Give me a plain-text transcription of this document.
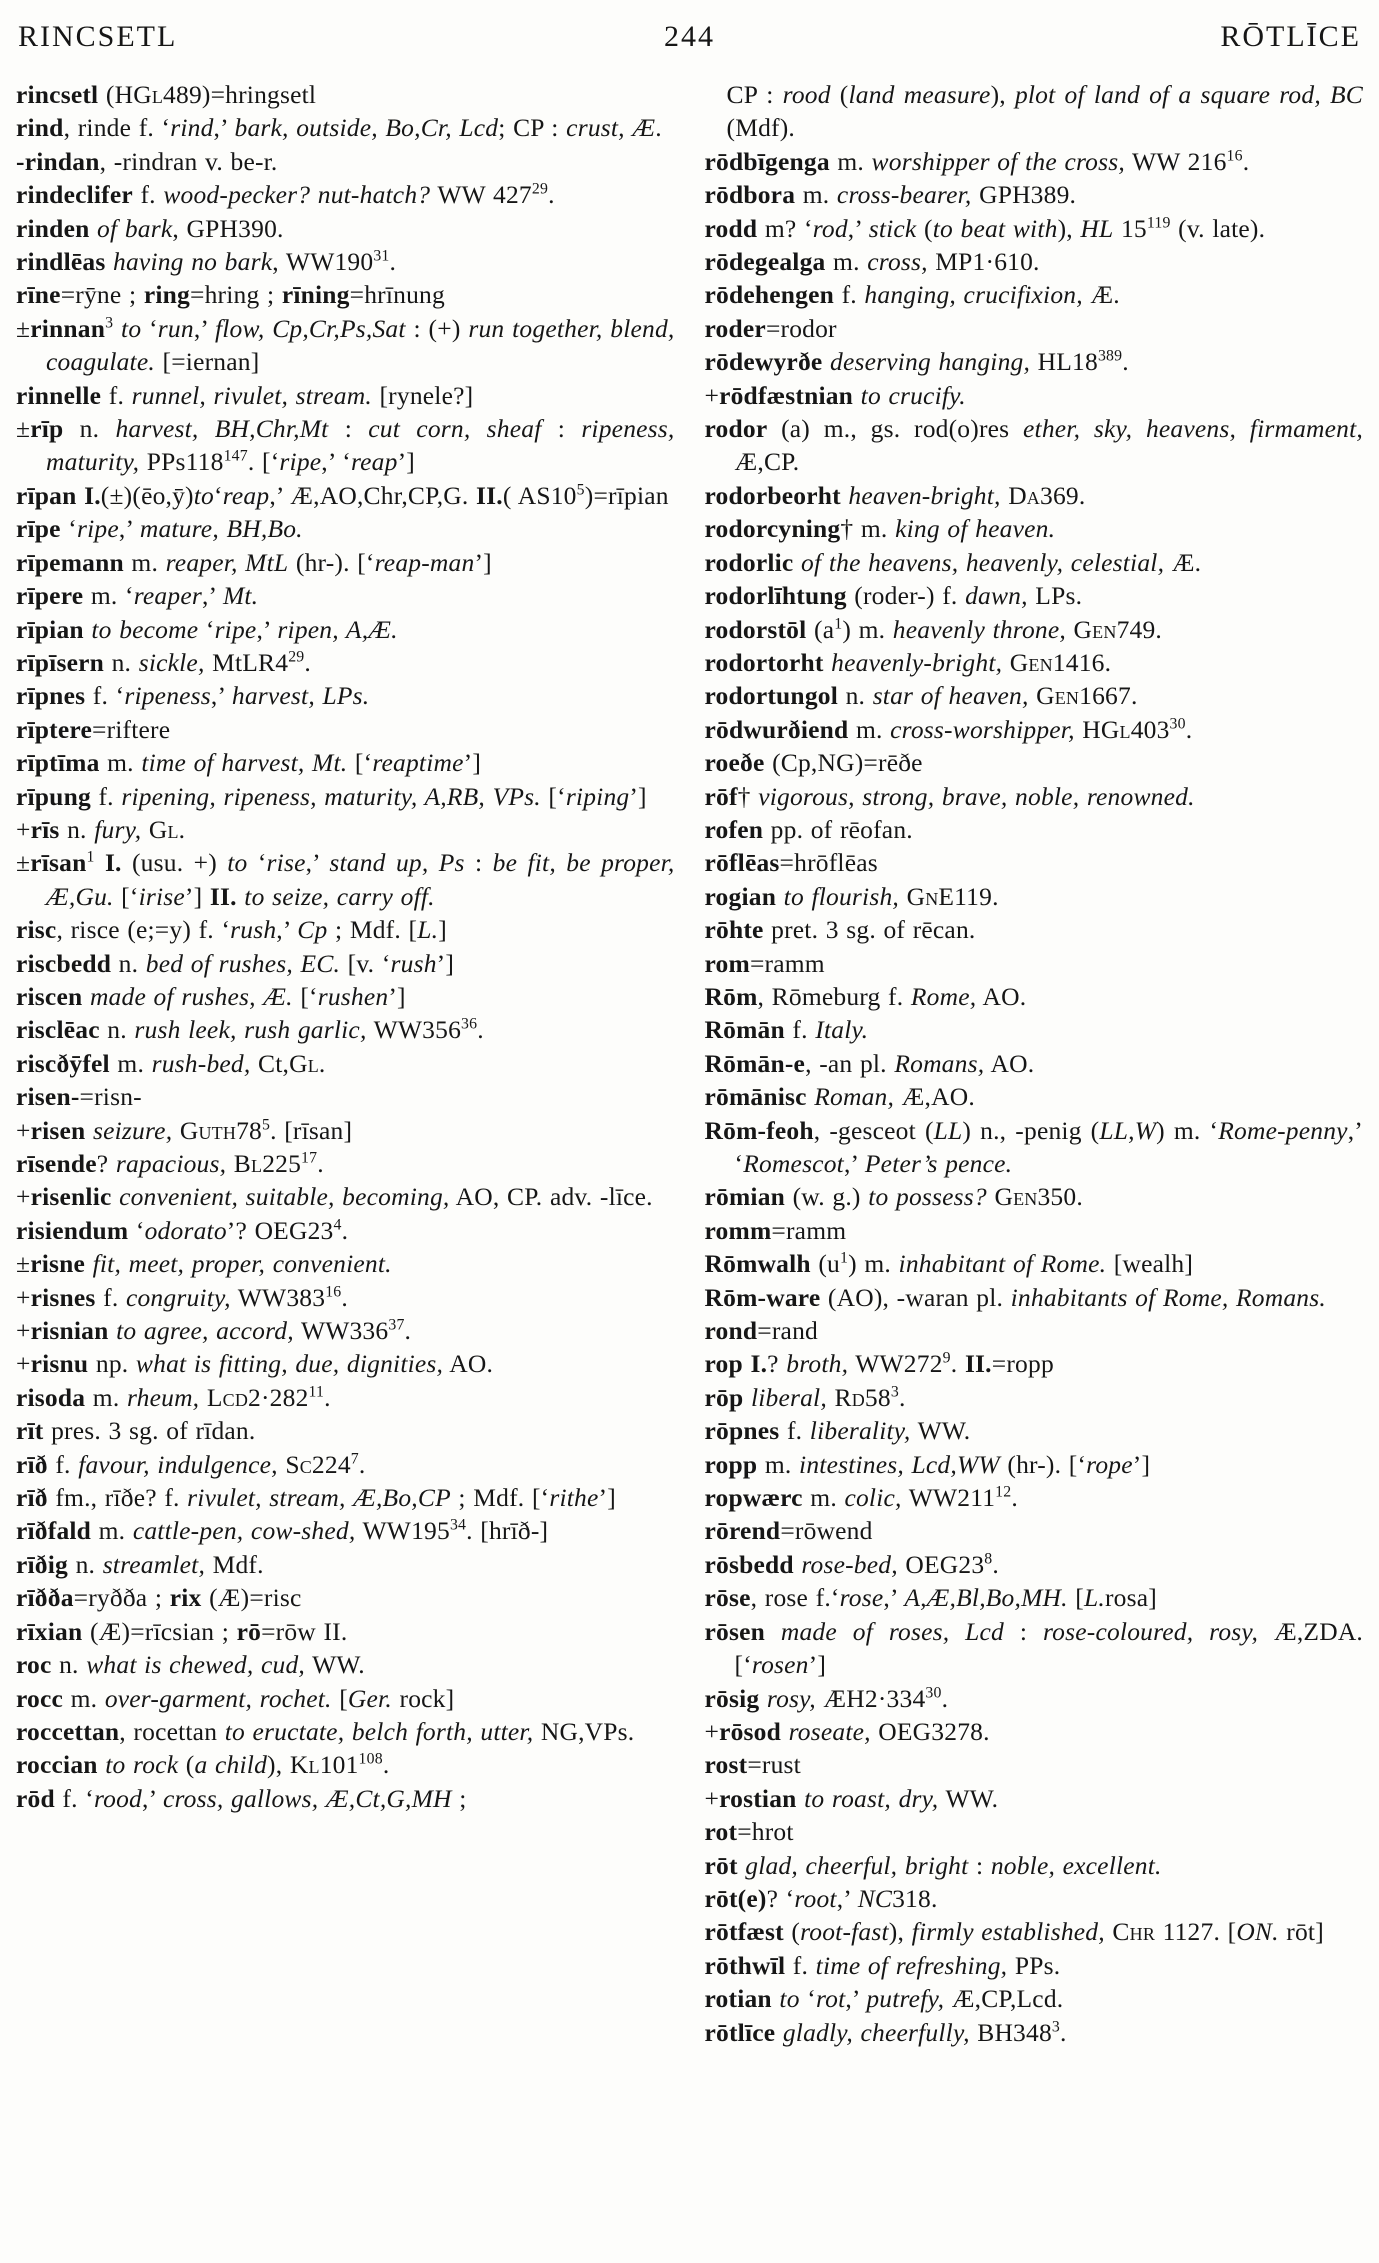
RINCSETL	244	RŌTLĪCE

rincsetl (HGl489)=hringsetl

rind, rinde f. ‘rind,’ bark, outside, Bo,Cr, Lcd; CP : crust, Æ.

-rindan, -rindran v. be-r.

rindeclifer f. wood-pecker? nut-hatch? WW $427^{29}$.

rinden of bark, GPH390.

rindlēas having no bark, $WW190^{31}$.

rīne=rȳne ; ring=hring ; rīning=hrīnung

±rinnan$^3$ to ‘run,’ flow, Cp,Cr,Ps,Sat : (+) run together, blend, coagulate. [=iernan]

rinnelle f. runnel, rivulet, stream. [rynele?]

±rīp n. harvest, BH,Chr,Mt : cut corn, sheaf : ripeness, maturity, $PPs118^{147}$. [‘ripe,’ ‘reap’]

rīpan I.(±)(ēo,ȳ)to‘reap,’ Æ,AO,Chr,CP,G. II.( $AS10^5)=rīpian$

rīpe ‘ripe,’ mature, BH,Bo.

rīpemann m. reaper, MtL (hr-). [‘reap-man’]

rīpere m. ‘reaper,’ Mt.

rīpian to become ‘ripe,’ ripen, A,Æ.

rīpīsern n. sickle, $MtLR4^{29}$.

rīpnes f. ‘ripeness,’ harvest, LPs.

rīptere=riftere

rīptīma m. time of harvest, Mt. [‘reaptime’]

rīpung f. ripening, ripeness, maturity, A,RB, VPs. [‘riping’]

+rīs n. fury, Gl.

±rīsan$^1$ I. (usu. +) to ‘rise,’ stand up, Ps : be fit, be proper, Æ,Gu. [‘irise’] II. to seize, carry off.

risc, risce (e;=y) f. ‘rush,’ Cp ; Mdf. [L.]

riscbedd n. bed of rushes, EC. [v. ‘rush’]

riscen made of rushes, Æ. [‘rushen’]

risclēac n. rush leek, rush garlic, $WW356^{36}$.

riscðȳfel m. rush-bed, Ct,Gl.

risen-=risn-

+risen seizure, $Guth78^5$. [rīsan]

rīsende? rapacious, $Bl225^{17}$.

+risenlic convenient, suitable, becoming, AO, CP. adv. -līce.

risiendum ‘odorato’? $OEG23^4$.

±risne fit, meet, proper, convenient.

+risnes f. congruity, $WW383^{16}$.

+risnian to agree, accord, $WW336^{37}$.

+risnu np. what is fitting, due, dignities, AO.

risoda m. rheum, $Lcd2\cdot 282^{11}$.

rīt pres. 3 sg. of rīdan.

rīð f. favour, indulgence, $Sc224^7$.

rīð fm., rīðe? f. rivulet, stream, Æ,Bo,CP ; Mdf. [‘rithe’]

rīðfald m. cattle-pen, cow-shed, $WW195^{34}$. [hrīð-]

rīðig n. streamlet, Mdf.

rīðða=ryðða ; rix (Æ)=risc

rīxian (Æ)=rīcsian ; rō=rōw II.

roc n. what is chewed, cud, WW.

rocc m. over-garment, rochet. [Ger. rock]

roccettan, rocettan to eructate, belch forth, utter, NG,VPs.

roccian to rock (a child), $Kl101^{108}$.

rōd f. ‘rood,’ cross, gallows, Æ,Ct,G,MH ;

CP : rood (land measure), plot of land of a square rod, BC (Mdf).

rōdbīgenga m. worshipper of the cross, WW $216^{16}$.

rōdbora m. cross-bearer, GPH389.

rodd m? ‘rod,’ stick (to beat with), HL $15^{119}$ (v. late).

rōdegealga m. cross, MP1·610.

rōdehengen f. hanging, crucifixion, Æ.

roder=rodor

rōdewyrðe deserving hanging, $HL18^{389}$.

+rōdfæstnian to crucify.

rodor (a) m., gs. rod(o)res ether, sky, heavens, firmament, Æ,CP.

rodorbeorht heaven-bright, Da369.

rodorcyning† m. king of heaven.

rodorlic of the heavens, heavenly, celestial, Æ.

rodorlīhtung (roder-) f. dawn, LPs.

rodorstōl $(a^1)$ m. heavenly throne, Gen749.

rodortorht heavenly-bright, Gen1416.

rodortungol n. star of heaven, Gen1667.

rōdwurðiend m. cross-worshipper, $HGl403^{30}$.

roeðe (Cp,NG)=rēðe

rōf† vigorous, strong, brave, noble, renowned.

rofen pp. of rēofan.

rōflēas=hrōflēas

rogian to flourish, GnE119.

rōhte pret. 3 sg. of rēcan.

rom=ramm

Rōm, Rōmeburg f. Rome, AO.

Rōmān f. Italy.

Rōmān-e, -an pl. Romans, AO.

rōmānisc Roman, Æ,AO.

Rōm-feoh, -gesceot (LL) n., -penig (LL,W) m. ‘Rome-penny,’ ‘Romescot,’ Peter’s pence.

rōmian (w. g.) to possess? Gen350.

romm=ramm

Rōmwalh $(u^1)$ m. inhabitant of Rome. [wealh]

Rōm-ware (AO), -waran pl. inhabitants of Rome, Romans.

rond=rand

rop I.? broth, $WW272^9$. II.=ropp

rōp liberal, $Rd58^3$.

rōpnes f. liberality, WW.

ropp m. intestines, Lcd,WW (hr-). [‘rope’]

ropwærc m. colic, $WW211^{12}$.

rōrend=rōwend

rōsbedd rose-bed, $OEG23^8$.

rōse, rose f.‘rose,’ A,Æ,Bl,Bo,MH. [L.rosa]

rōsen made of roses, Lcd : rose-coloured, rosy, Æ,ZDA. [‘rosen’]

rōsig rosy, $ÆH2\cdot 334^{30}$.

+rōsod roseate, OEG3278.

rost=rust

+rostian to roast, dry, WW.

rot=hrot

rōt glad, cheerful, bright : noble, excellent.

rōt(e)? ‘root,’ NC318.

rōtfæst (root-fast), firmly established, Chr 1127. [ON. rōt]

rōthwīl f. time of refreshing, PPs.

rotian to ‘rot,’ putrefy, Æ,CP,Lcd.

rōtlīce gladly, cheerfully, $BH348^3$.
